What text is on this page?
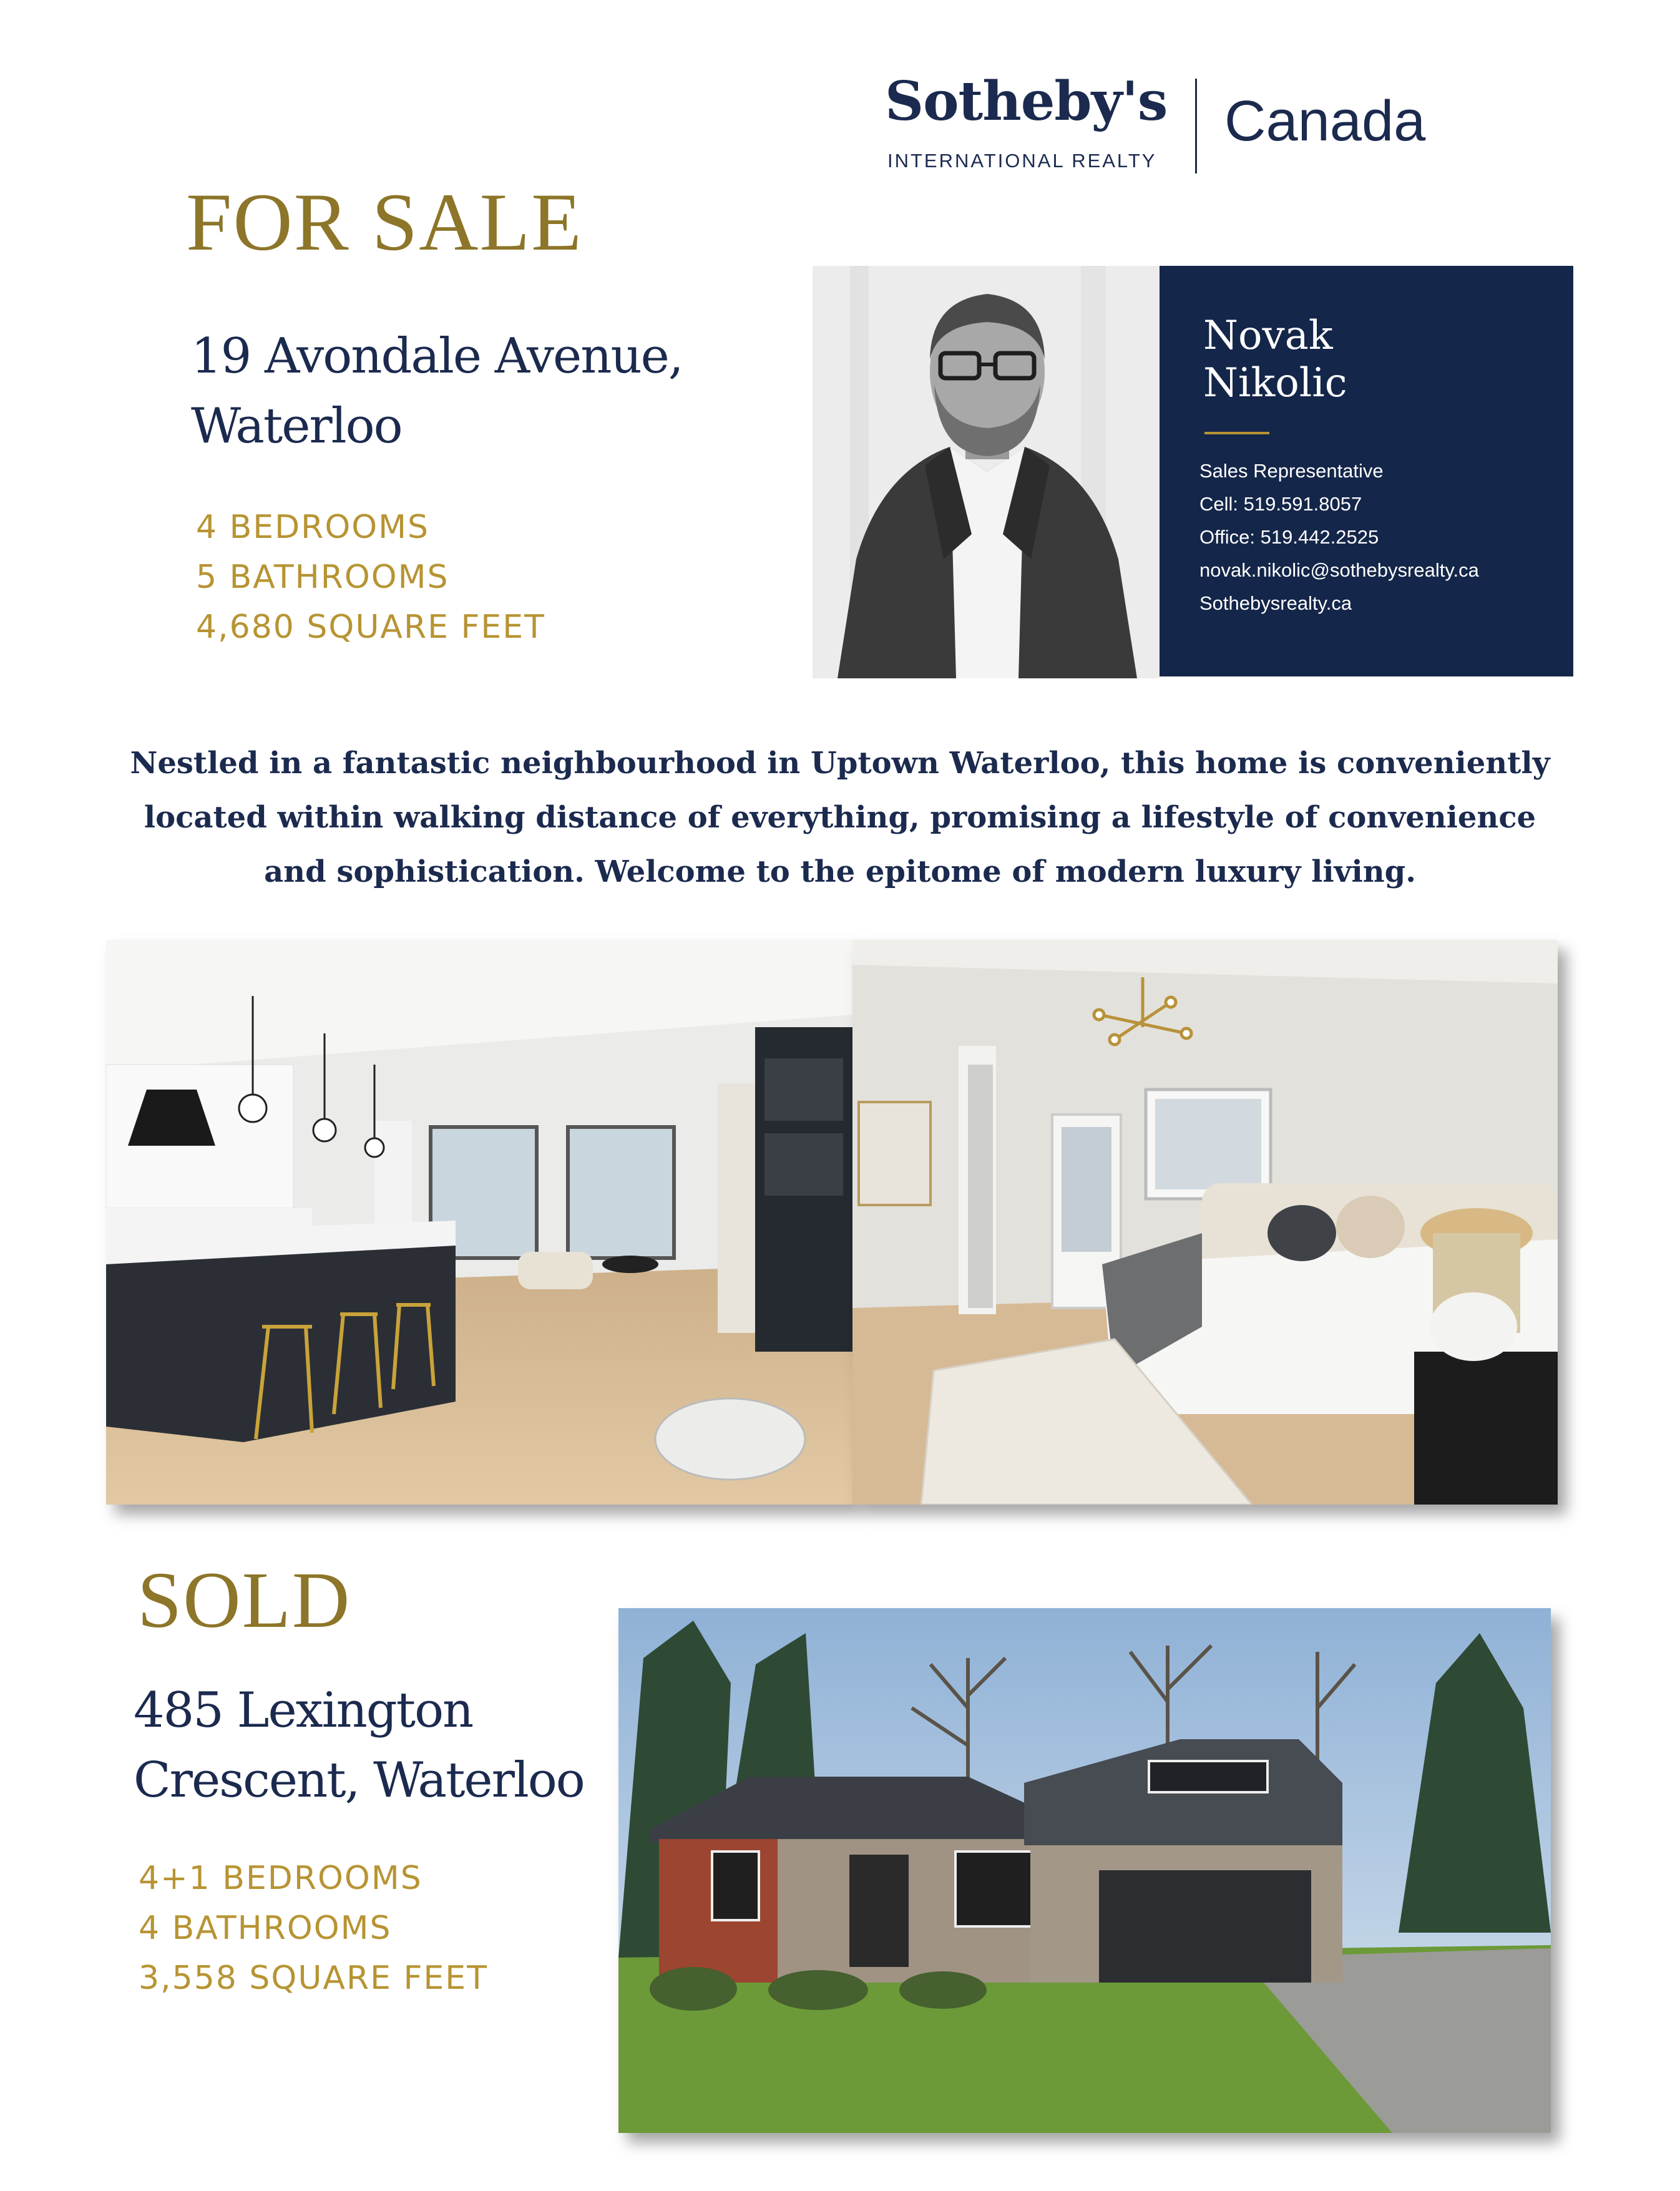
Sotheby's
INTERNATIONAL REALTY
Canada
FOR SALE
19 Avondale Avenue,
Waterloo
4 BEDROOMS
5 BATHROOMS
4,680 SQUARE FEET
Novak
Nikolic
Sales Representative
Cell: 519.591.8057
Office: 519.442.2525
novak.nikolic@sothebysrealty.ca
Sothebysrealty.ca
Nestled in a fantastic neighbourhood in Uptown Waterloo, this home is conveniently
located within walking distance of everything, promising a lifestyle of convenience
and sophistication. Welcome to the epitome of modern luxury living.
SOLD
485 Lexington
Crescent, Waterloo
4+1 BEDROOMS
4 BATHROOMS
3,558 SQUARE FEET
